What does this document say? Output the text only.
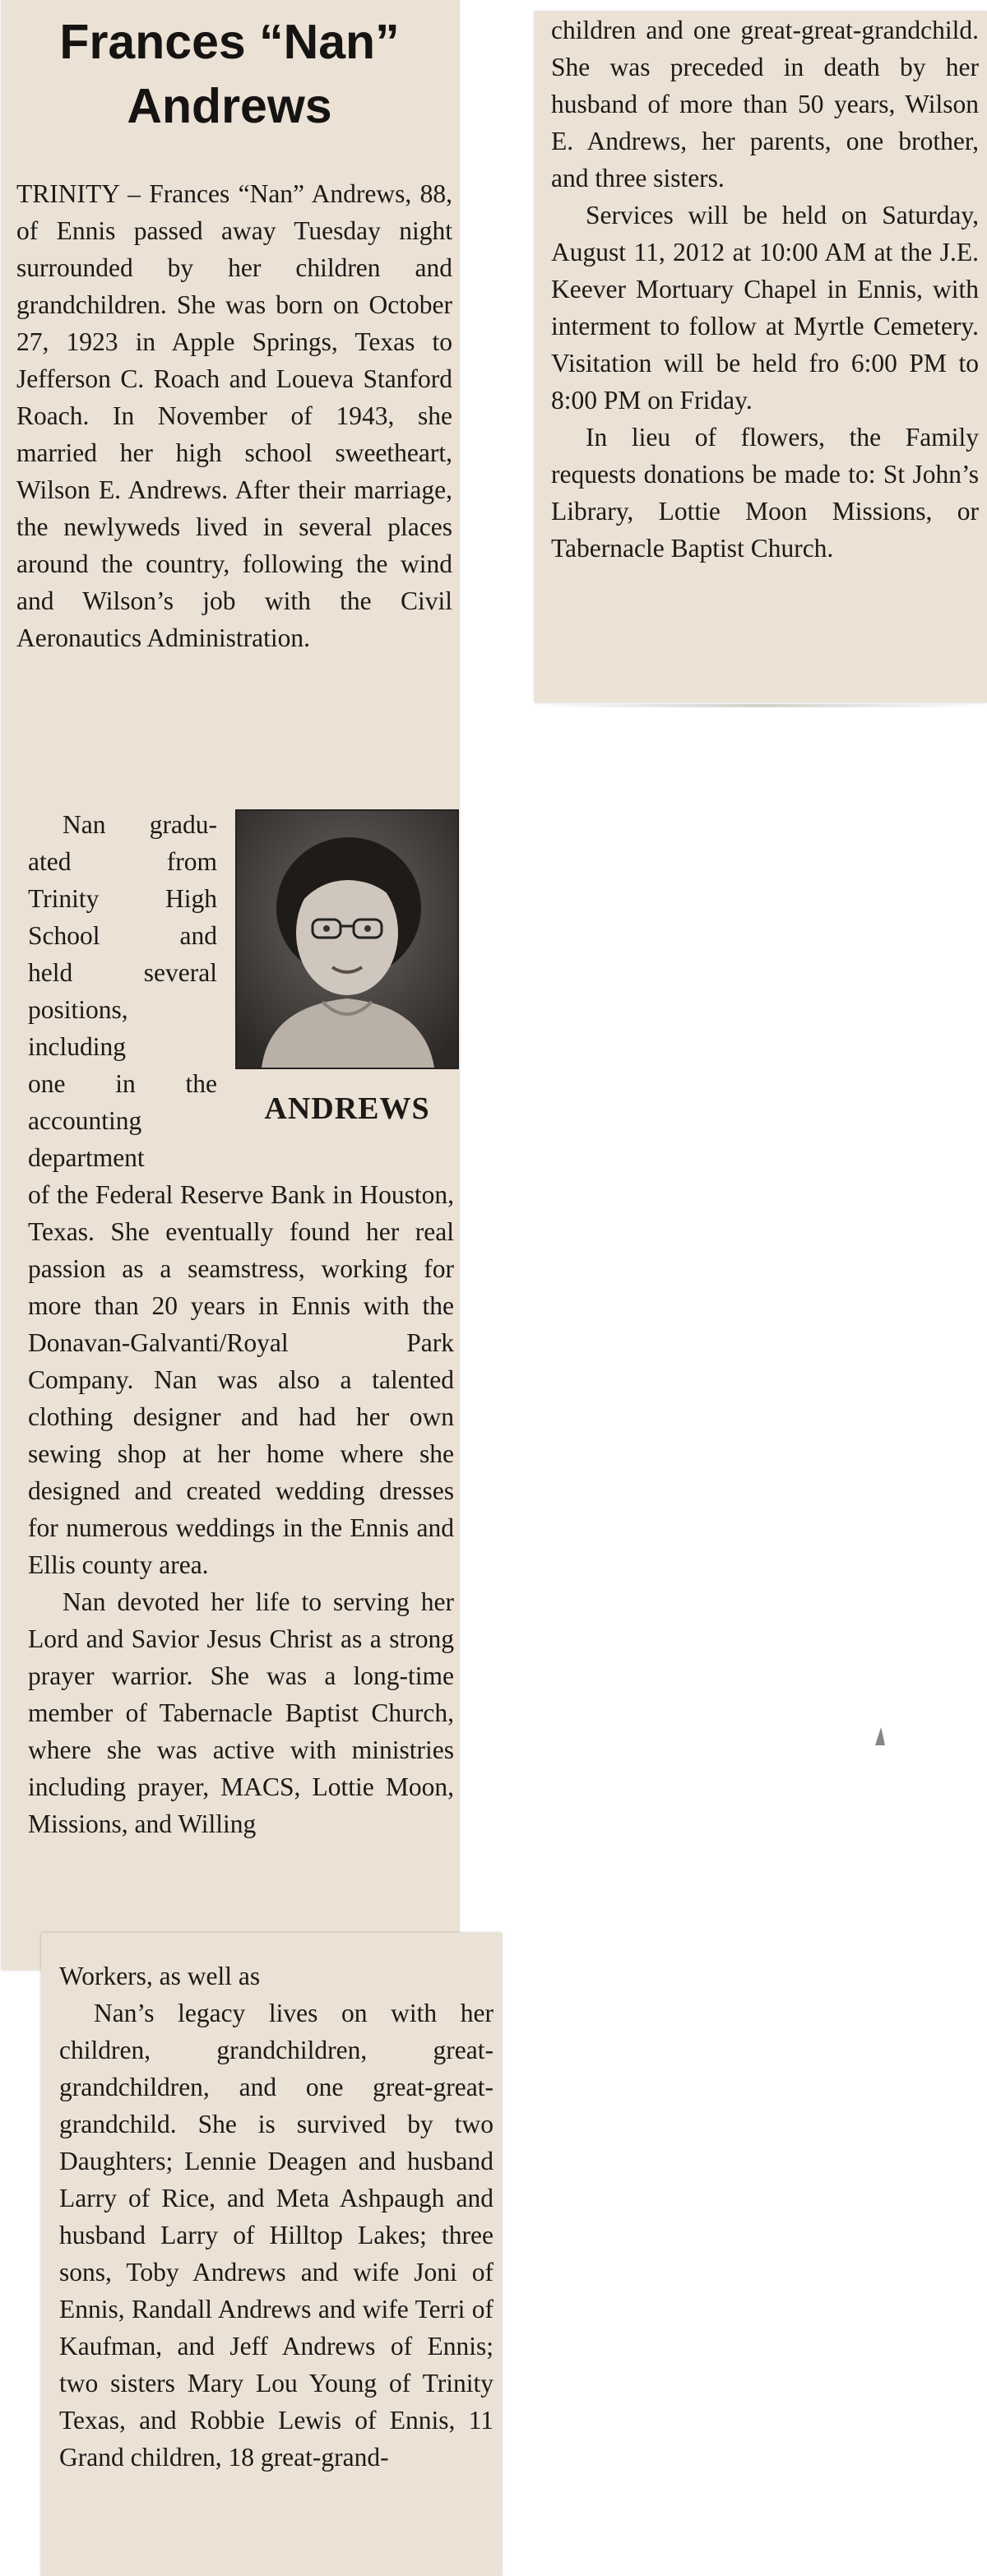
Frances “Nan” Andrews

TRINITY – Frances “Nan” Andrews, 88, of Ennis passed away Tuesday night surrounded by her children and grandchildren. She was born on October 27, 1923 in Apple Springs, Texas to Jefferson C. Roach and Loueva Stanford Roach. In November of 1943, she married her high school sweetheart, Wilson E. Andrews. After their marriage, the newlyweds lived in several places around the country, following the wind and Wilson’s job with the Civil Aeronautics Administration.

Nan gradu-
ated from
Trinity High
School and
held several
positions,
including
one in the
accounting
department

ANDREWS

of the Federal Reserve Bank in Houston, Texas. She eventually found her real passion as a seamstress, working for more than 20 years in Ennis with the Donavan-Galvanti/Royal Park Company. Nan was also a talented clothing designer and had her own sewing shop at her home where she designed and created wedding dresses for numerous weddings in the Ennis and Ellis county area.

Nan devoted her life to serving her Lord and Savior Jesus Christ as a strong prayer warrior. She was a long-time member of Tabernacle Baptist Church, where she was active with ministries including prayer, MACS, Lottie Moon, Missions, and Willing

Workers, as well as

Nan’s legacy lives on with her children, grandchildren, great-grandchildren, and one great-great-grandchild. She is survived by two Daughters; Lennie Deagen and husband Larry of Rice, and Meta Ashpaugh and husband Larry of Hilltop Lakes; three sons, Toby Andrews and wife Joni of Ennis, Randall Andrews and wife Terri of Kaufman, and Jeff Andrews of Ennis; two sisters Mary Lou Young of Trinity Texas, and Robbie Lewis of Ennis, 11 Grand children, 18 great-grand-

children and one great-great-grandchild. She was preceded in death by her husband of more than 50 years, Wilson E. Andrews, her parents, one brother, and three sisters.

Services will be held on Saturday, August 11, 2012 at 10:00 AM at the J.E. Keever Mortuary Chapel in Ennis, with interment to follow at Myrtle Cemetery. Visitation will be held fro 6:00 PM to 8:00 PM on Friday.

In lieu of flowers, the Family requests donations be made to: St John’s Library, Lottie Moon Missions, or Tabernacle Baptist Church.
